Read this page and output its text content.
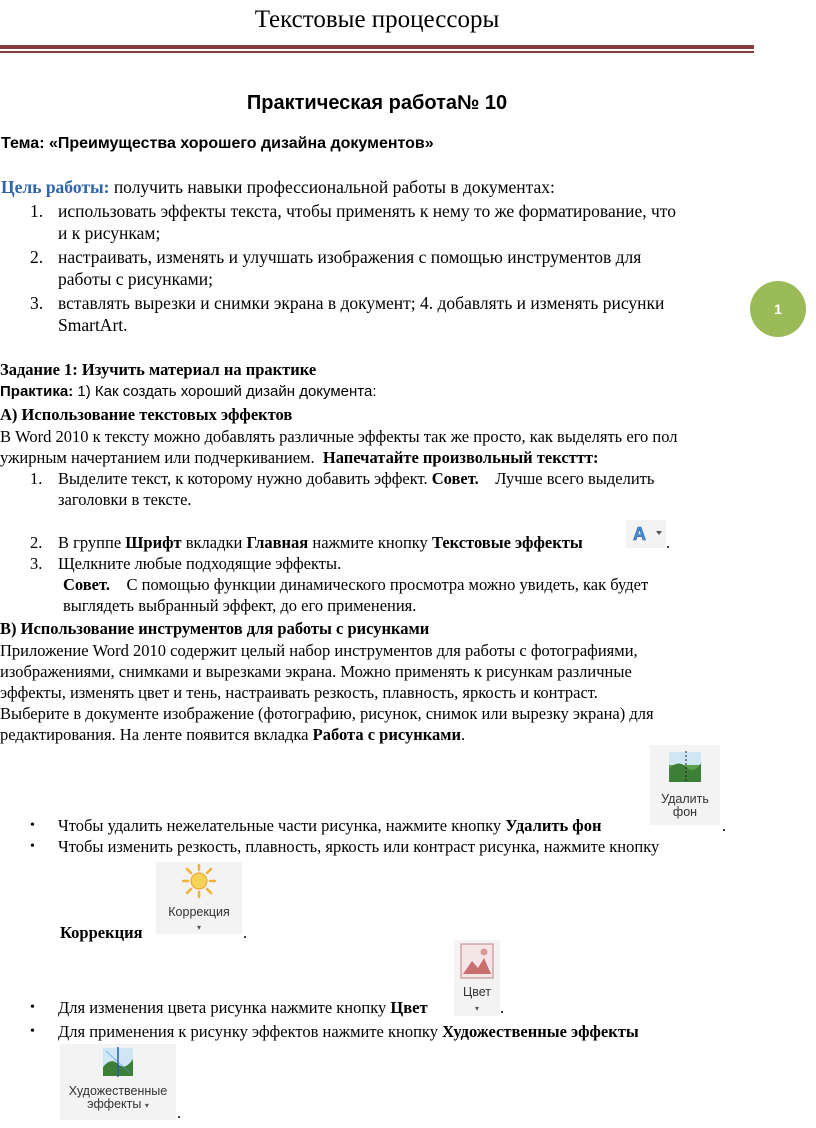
Текстовые процессоры
1
Практическая работа№ 10
Тема: «Преимущества хорошего дизайна документов»
Цель работы: получить навыки профессиональной работы в документах:
1. использовать эффекты текста, чтобы применять к нему то же форматирование, что
и к рисункам;
2. настраивать, изменять и улучшать изображения с помощью инструментов для
работы с рисунками;
3. вставлять вырезки и снимки экрана в документ; 4. добавлять и изменять рисунки
SmartArt.
Задание 1: Изучить материал на практике
Практика: 1) Как создать хороший дизайн документа:
А) Использование текстовых эффектов
В Word 2010 к тексту можно добавлять различные эффекты так же просто, как выделять его пол
ужирным начертанием или подчеркиванием. Напечатайте произвольный тексттт:
1. Выделите текст, к которому нужно добавить эффект. Совет. Лучше всего выделить
заголовки в тексте.
2. В группе Шрифт вкладки Главная нажмите кнопку Текстовые эффекты	A .
3. Щелкните любые подходящие эффекты.
Совет. С помощью функции динамического просмотра можно увидеть, как будет
выглядеть выбранный эффект, до его применения.
В) Использование инструментов для работы с рисунками
Приложение Word 2010 содержит целый набор инструментов для работы с фотографиями,
изображениями, снимками и вырезками экрана. Можно применять к рисункам различные
эффекты, изменять цвет и тень, настраивать резкость, плавность, яркость и контраст.
Выберите в документе изображение (фотографию, рисунок, снимок или вырезку экрана) для
редактирования. На ленте появится вкладка Работа с рисунками.
• Чтобы удалить нежелательные части рисунка, нажмите кнопку Удалить фон
Удалить
фон
.
• Чтобы изменить резкость, плавность, яркость или контраст рисунка, нажмите кнопку
Коррекция
Коррекция
▾	.
• Для изменения цвета рисунка нажмите кнопку Цвет
Цвет
▾	.
• Для применения к рисунку эффектов нажмите кнопку Художественные эффекты
Художественные
эффекты ▾	.
